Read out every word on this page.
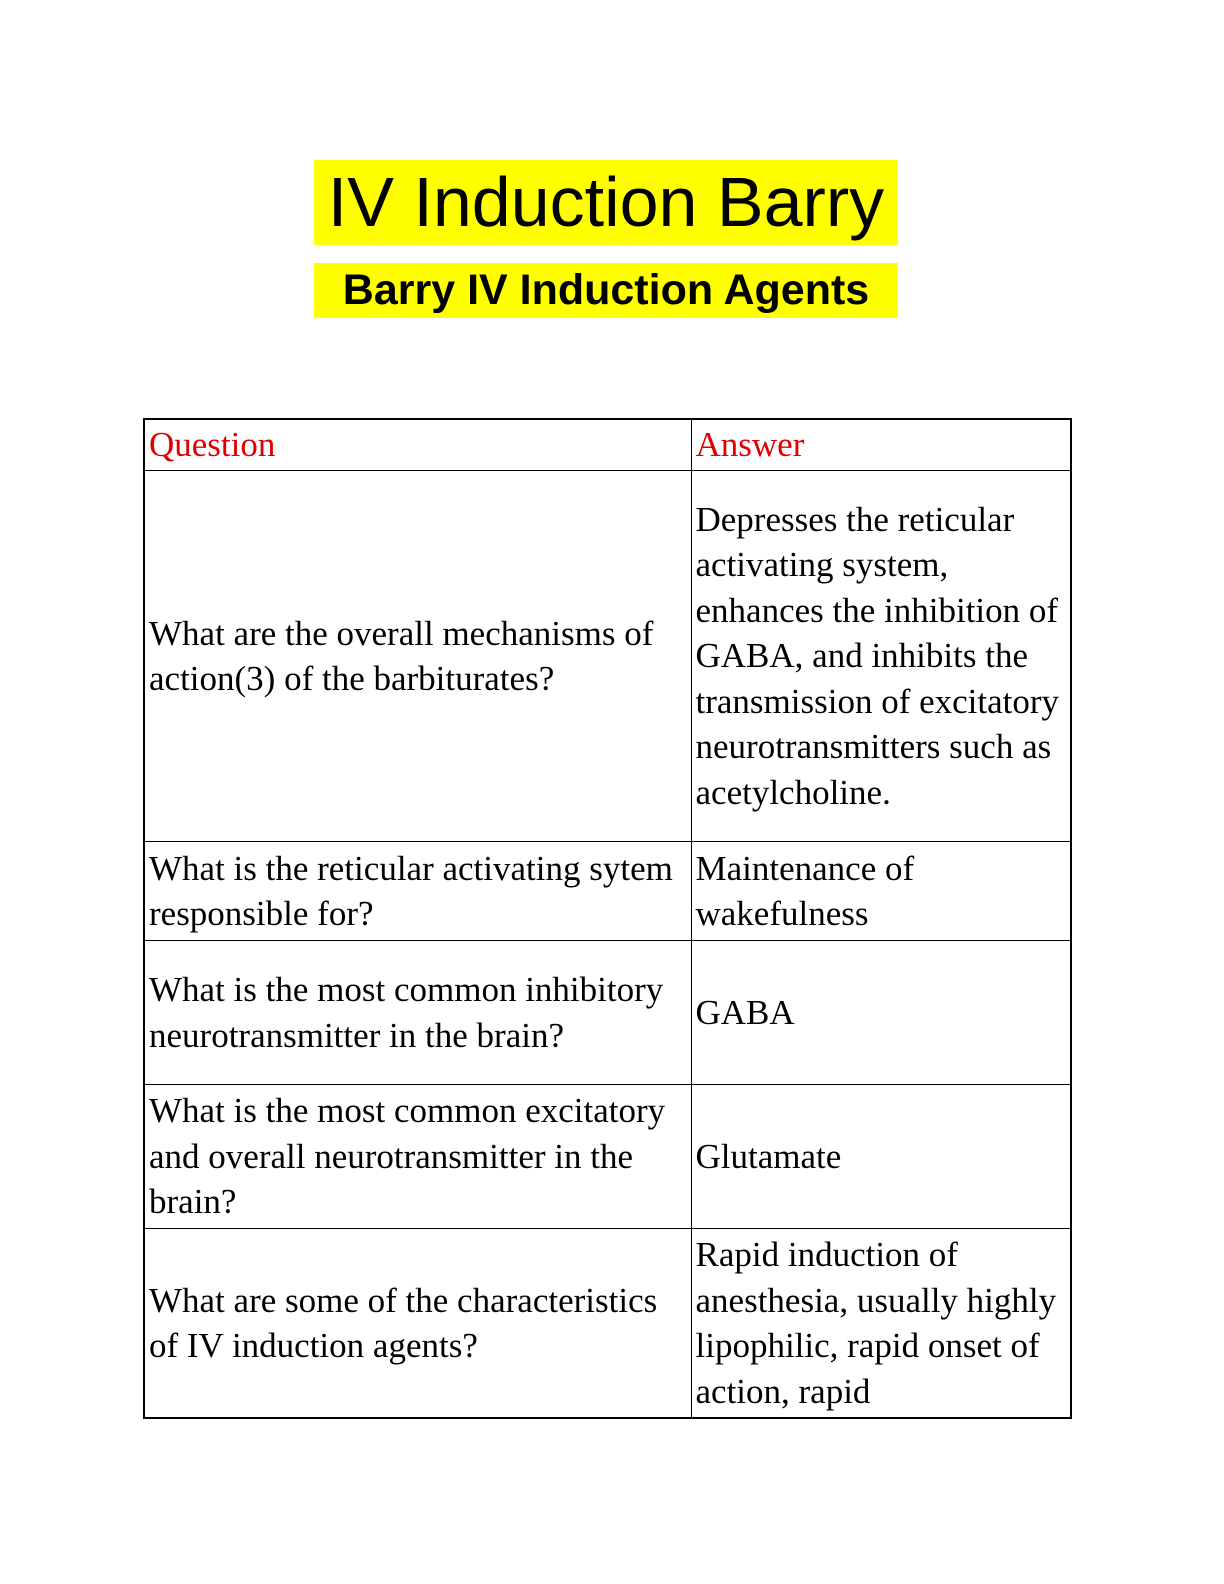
IV Induction Barry
Barry IV Induction Agents
Question	Answer
What are the overall mechanisms of action(3) of the barbiturates?	Depresses the reticular activating system, enhances the inhibition of GABA, and inhibits the transmission of excitatory neurotransmitters such as acetylcholine.
What is the reticular activating sytem responsible for?	Maintenance of wakefulness
What is the most common inhibitory neurotransmitter in the brain?	GABA
What is the most common excitatory and overall neurotransmitter in the brain?	Glutamate
What are some of the characteristics of IV induction agents?	Rapid induction of anesthesia, usually highly lipophilic, rapid onset of action, rapid
